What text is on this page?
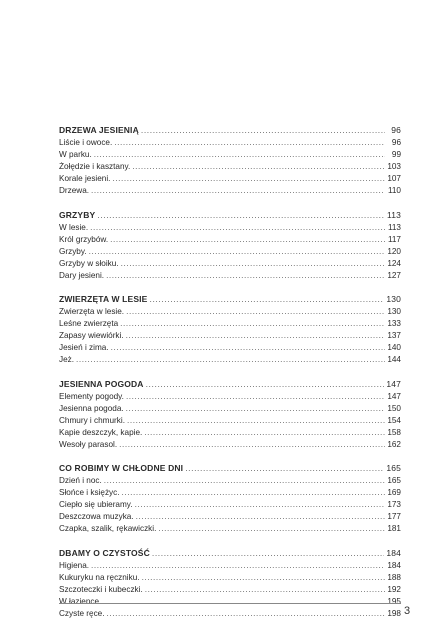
DRZEWA JESIENIĄ .....	96
Liście i owoce. .....	96
W parku. .....	99
Żołędzie i kasztany. .....	103
Korale jesieni. .....	107
Drzewa. .....	110
GRZYBY .....	113
W lesie. .....	113
Król grzybów. .....	117
Grzyby. .....	120
Grzyby w słoiku. .....	124
Dary jesieni. .....	127
ZWIERZĘTA W LESIE .....	130
Zwierzęta w lesie. .....	130
Leśne zwierzęta .....	133
Zapasy wiewiórki. .....	137
Jesień i zima. .....	140
Jeż. .....	144
JESIENNA POGODA .....	147
Elementy pogody. .....	147
Jesienna pogoda. .....	150
Chmury i chmurki. .....	154
Kapie deszczyk, kapie. .....	158
Wesoły parasol. .....	162
CO ROBIMY W CHŁODNE DNI .....	165
Dzień i noc. .....	165
Słońce i księżyc. .....	169
Ciepło się ubieramy. .....	173
Deszczowa muzyka. .....	177
Czapka, szalik, rękawiczki. .....	181
DBAMY O CZYSTOŚĆ .....	184
Higiena. .....	184
Kukuryku na ręczniku. .....	188
Szczoteczki i kubeczki. .....	192
W łazience. .....	195
Czyste ręce. .....	198 3
